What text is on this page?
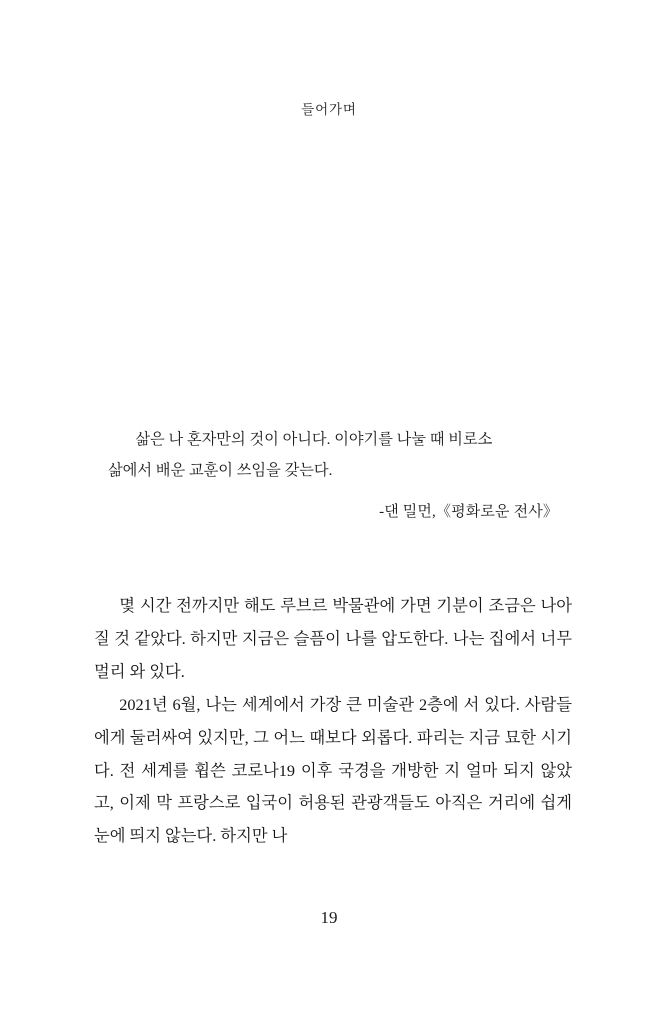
들어가며

삶은 나 혼자만의 것이 아니다. 이야기를 나눌 때 비로소

삶에서 배운 교훈이 쓰임을 갖는다.

-댄 밀먼,《평화로운 전사》

몇 시간 전까지만 해도 루브르 박물관에 가면 기분이 조금은 나아질 것 같았다. 하지만 지금은 슬픔이 나를 압도한다. 나는 집에서 너무 멀리 와 있다.

2021년 6월, 나는 세계에서 가장 큰 미술관 2층에 서 있다. 사람들에게 둘러싸여 있지만, 그 어느 때보다 외롭다. 파리는 지금 묘한 시기다. 전 세계를 휩쓴 코로나19 이후 국경을 개방한 지 얼마 되지 않았고, 이제 막 프랑스로 입국이 허용된 관광객들도 아직은 거리에 쉽게 눈에 띄지 않는다. 하지만 나

19
